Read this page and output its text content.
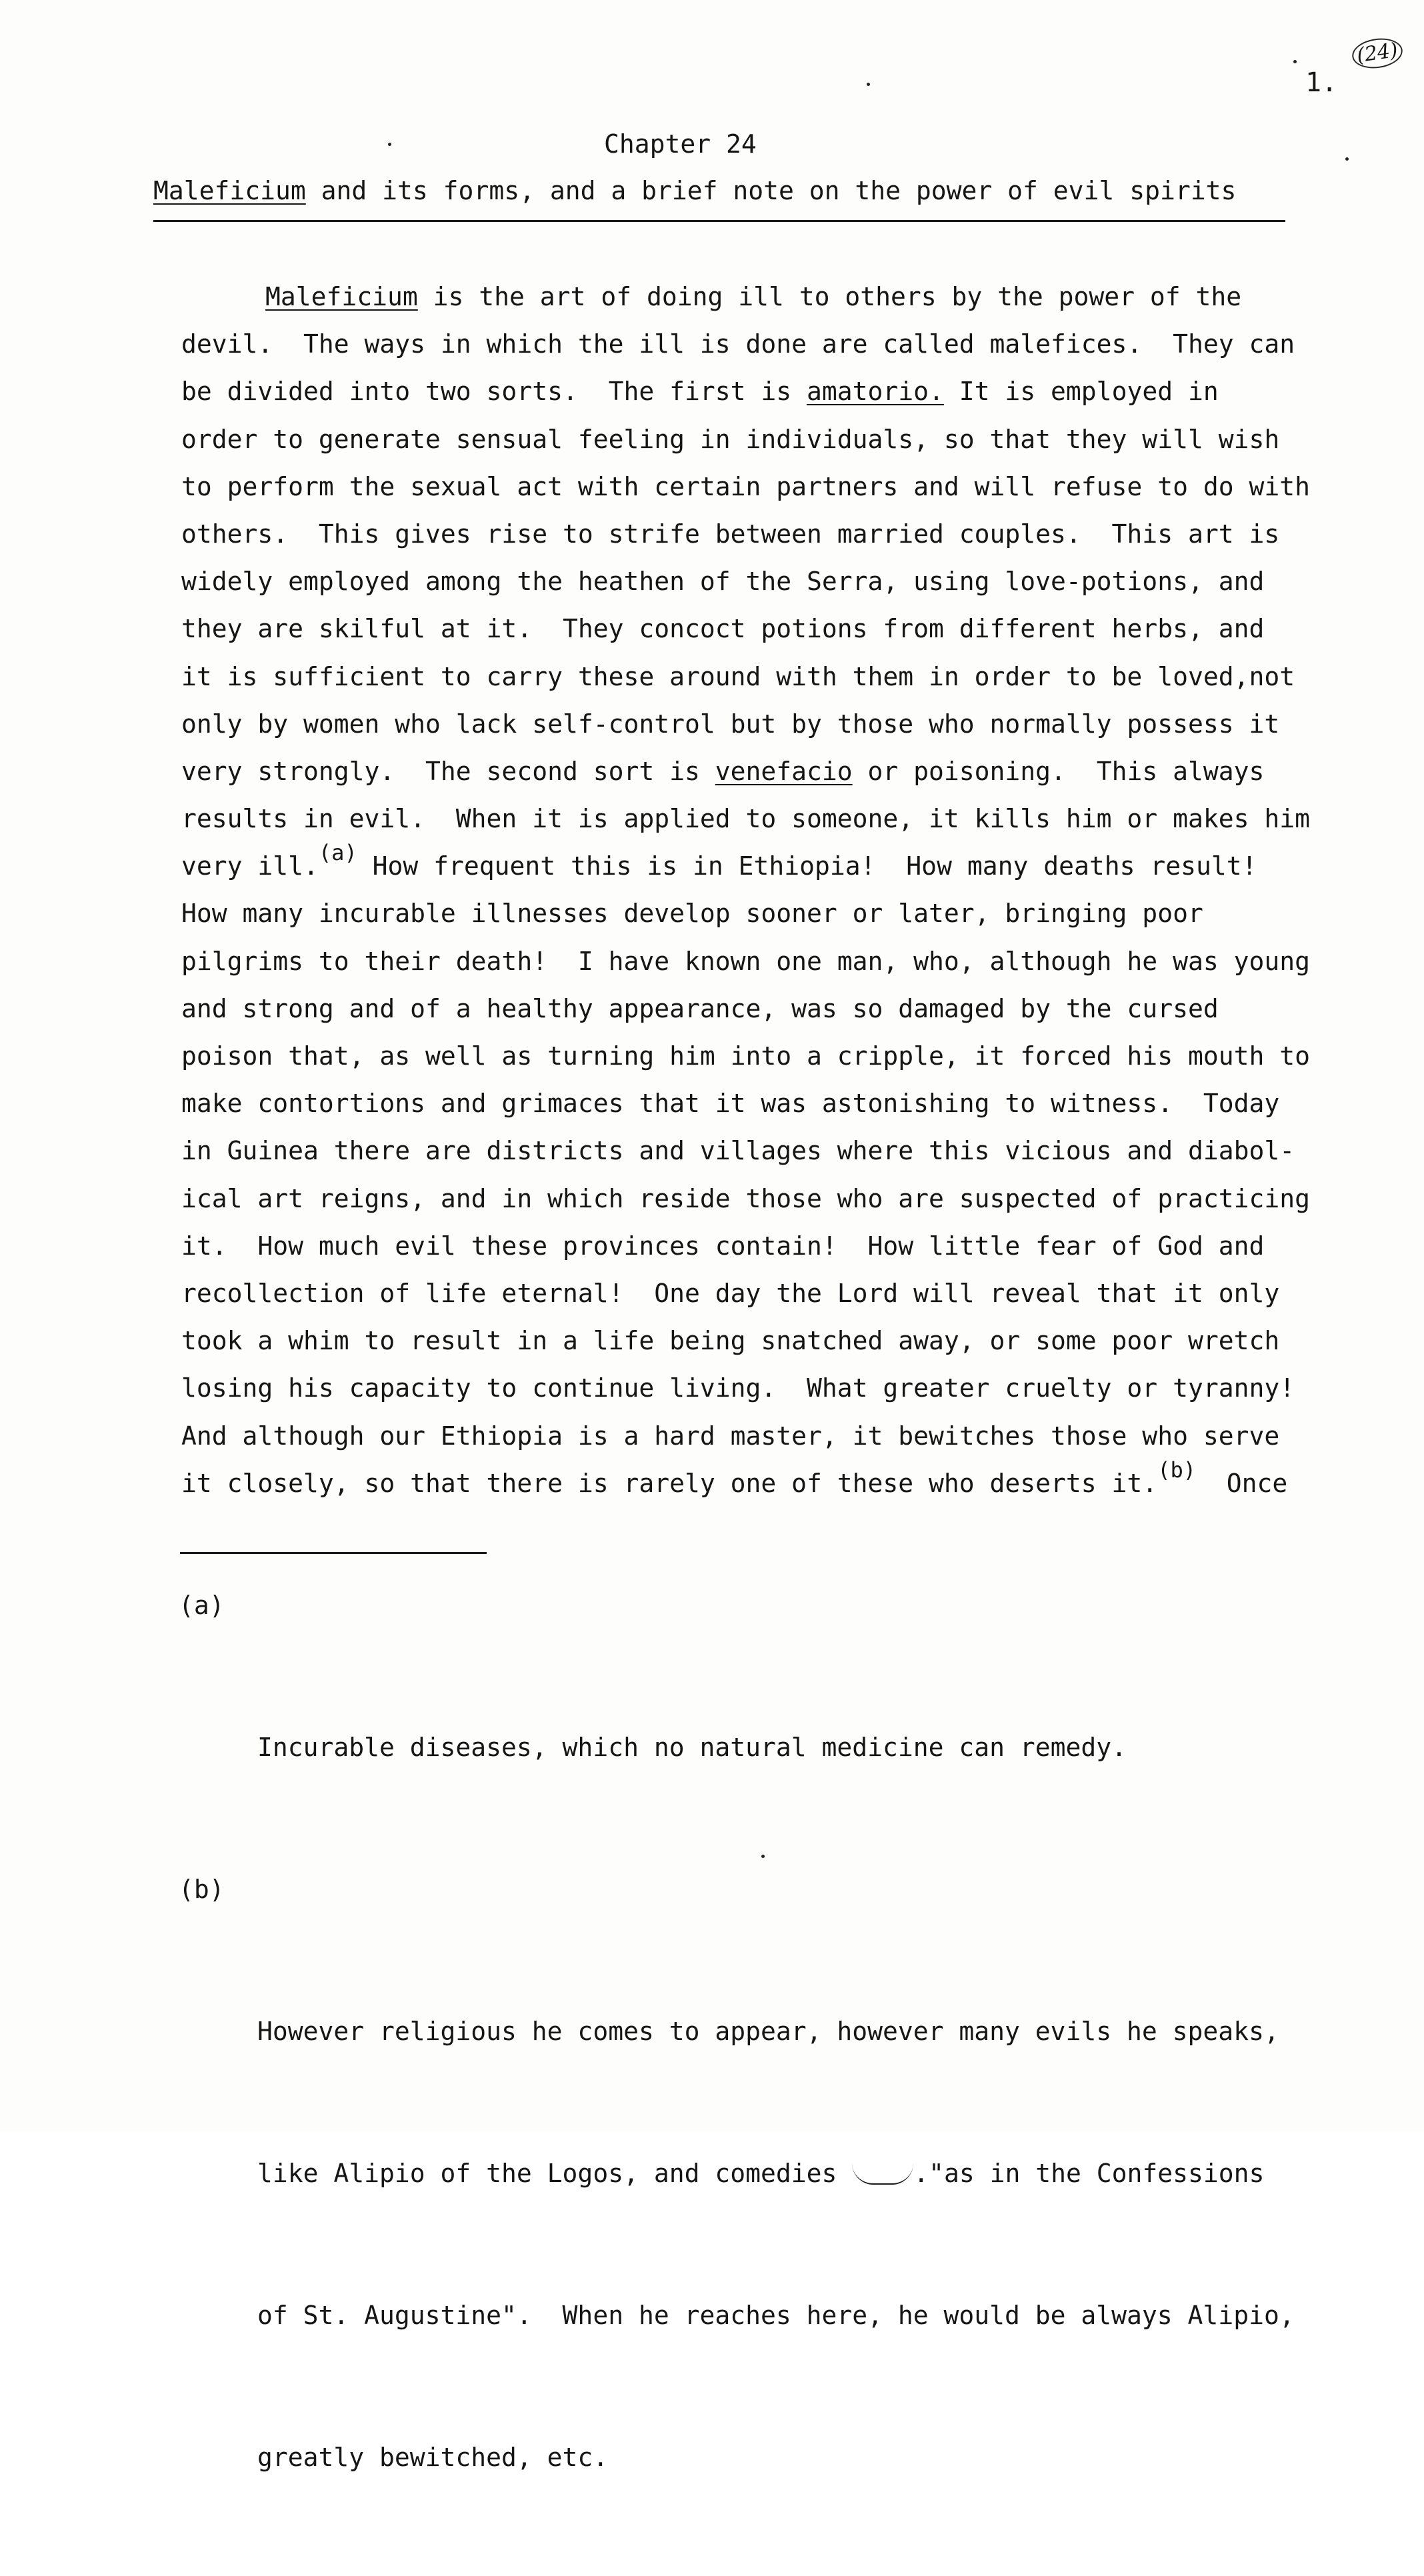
1.
(24)
Chapter 24
Maleficium and its forms, and a brief note on the power of evil spirits
Maleficium is the art of doing ill to others by the power of the
devil.  The ways in which the ill is done are called malefices.  They can
be divided into two sorts.  The first is amatorio. It is employed in
order to generate sensual feeling in individuals, so that they will wish
to perform the sexual act with certain partners and will refuse to do with
others.  This gives rise to strife between married couples.  This art is
widely employed among the heathen of the Serra, using love-potions, and
they are skilful at it.  They concoct potions from different herbs, and
it is sufficient to carry these around with them in order to be loved,not
only by women who lack self-control but by those who normally possess it
very strongly.  The second sort is venefacio or poisoning.  This always
results in evil.  When it is applied to someone, it kills him or makes him
very ill.$^{(a)}$ How frequent this is in Ethiopia!  How many deaths result!
How many incurable illnesses develop sooner or later, bringing poor
pilgrims to their death!  I have known one man, who, although he was young
and strong and of a healthy appearance, was so damaged by the cursed
poison that, as well as turning him into a cripple, it forced his mouth to
make contortions and grimaces that it was astonishing to witness.  Today
in Guinea there are districts and villages where this vicious and diabol-
ical art reigns, and in which reside those who are suspected of practicing
it.  How much evil these provinces contain!  How little fear of God and
recollection of life eternal!  One day the Lord will reveal that it only
took a whim to result in a life being snatched away, or some poor wretch
losing his capacity to continue living.  What greater cruelty or tyranny!
And although our Ethiopia is a hard master, it bewitches those who serve
it closely, so that there is rarely one of these who deserts it.$^{(b)}$  Once

(a)

Incurable diseases, which no natural medicine can remedy.

(b)

However religious he comes to appear, however many evils he speaks,

like Alipio of the Logos, and comedies ."as in the Confessions

of St. Augustine".  When he reaches here, he would be always Alipio,

greatly bewitched, etc.
